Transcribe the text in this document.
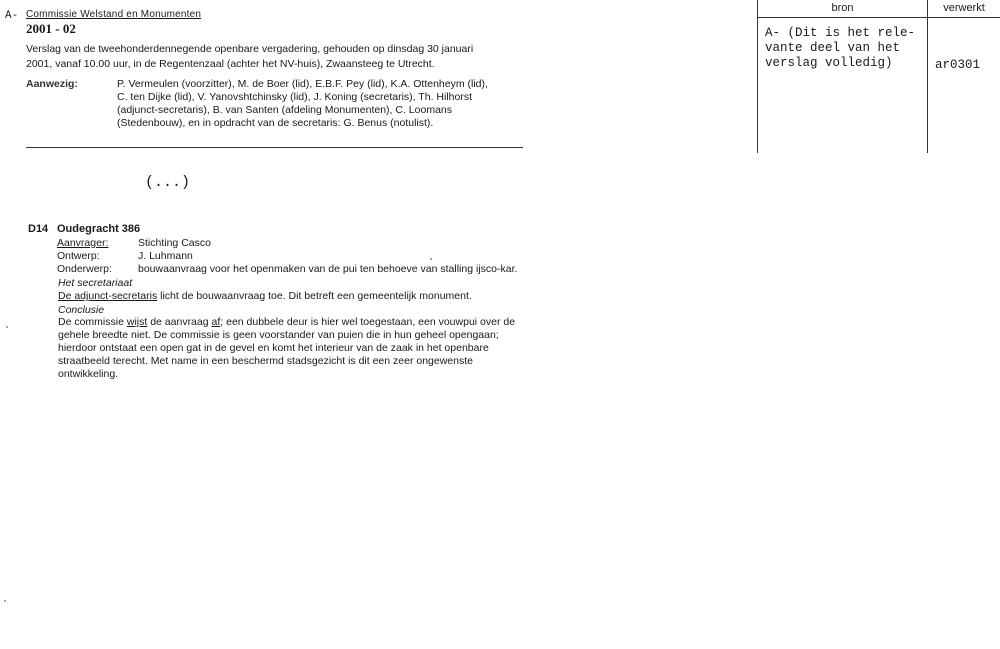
A- Commissie Welstand en Monumenten
2001 - 02
Verslag van de tweehonderdennegende openbare vergadering, gehouden op dinsdag 30 januari
2001, vanaf 10.00 uur, in de Regentenzaal (achter het NV-huis), Zwaansteeg te Utrecht.
Aanwezig:	P. Vermeulen (voorzitter), M. de Boer (lid), E.B.F. Pey (lid), K.A. Ottenheym (lid),
C. ten Dijke (lid), V. Yanovshtchinsky (lid), J. Koning (secretaris), Th. Hilhorst
(adjunct-secretaris), B. van Santen (afdeling Monumenten), C. Loomans
(Stedenbouw), en in opdracht van de secretaris: G. Benus (notulist).
(...)
D14 Oudegracht 386
Aanvrager:	Stichting Casco
Ontwerp:	J. Luhmann
Onderwerp: bouwaanvraag voor het openmaken van de pui ten behoeve van stalling ijsco-kar.
Het secretariaat
De adjunct-secretaris licht de bouwaanvraag toe. Dit betreft een gemeentelijk monument.
Conclusie
De commissie wijst de aanvraag af; een dubbele deur is hier wel toegestaan, een vouwpui over de
gehele breedte niet. De commissie is geen voorstander van puien die in hun geheel opengaan;
hierdoor ontstaat een open gat in de gevel en komt het interieur van de zaak in het openbare
straatbeeld terecht. Met name in een beschermd stadsgezicht is dit een zeer ongewenste
ontwikkeling.
bron	verwerkt
A- (Dit is het rele-
vante deel van het
verslag volledig)	ar0301
